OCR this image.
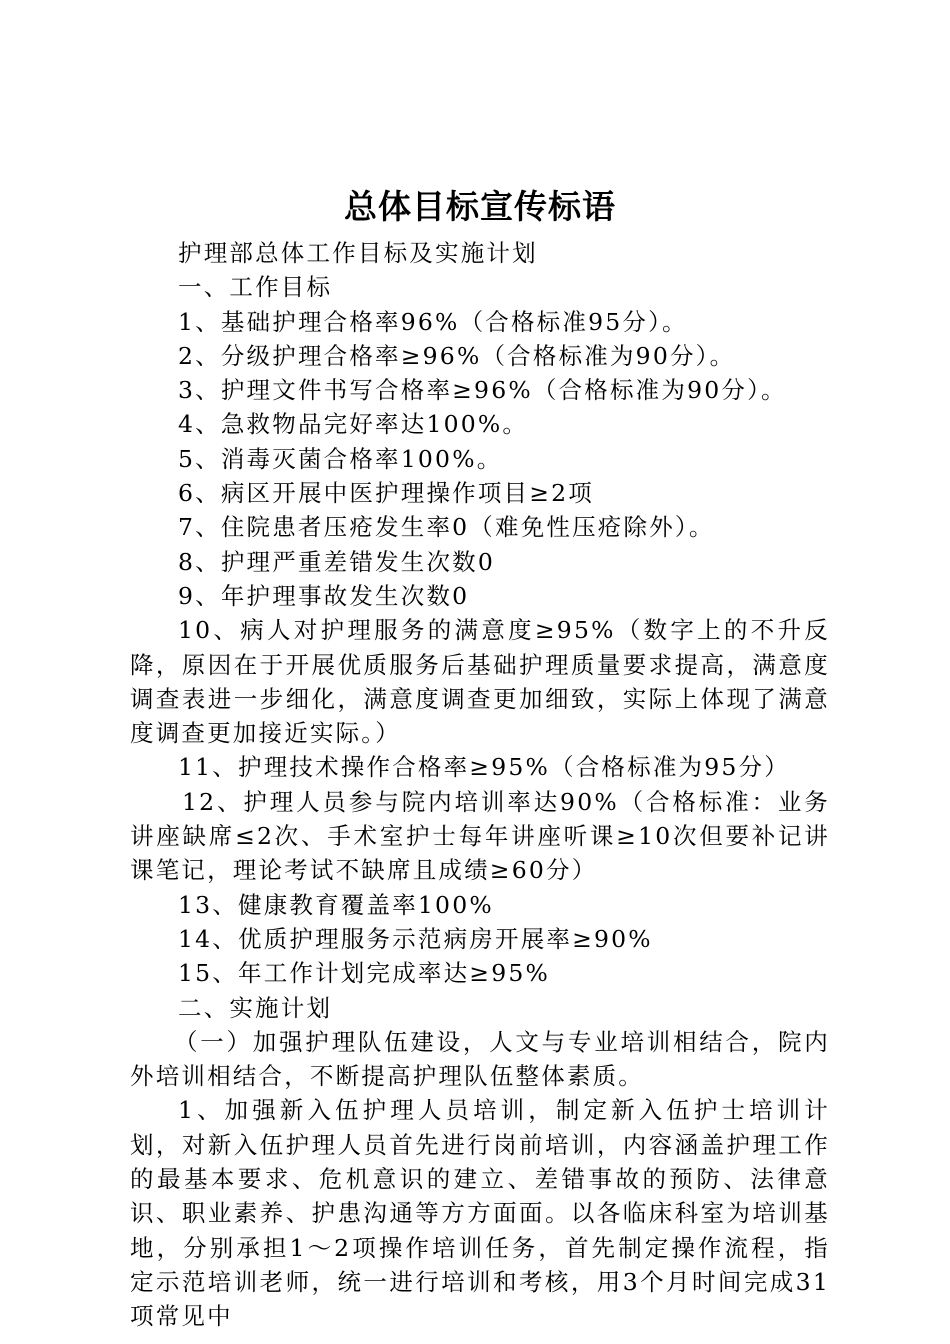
总体目标宣传标语

护理部总体工作目标及实施计划

一、工作目标

1、基础护理合格率96%（合格标准95分）。

2、分级护理合格率≥96%（合格标准为90分）。

3、护理文件书写合格率≥96%（合格标准为90分）。

4、急救物品完好率达100%。

5、消毒灭菌合格率100%。

6、病区开展中医护理操作项目≥2项

7、住院患者压疮发生率0（难免性压疮除外）。

8、护理严重差错发生次数0

9、年护理事故发生次数0

10、病人对护理服务的满意度≥95%（数字上的不升反降，原因在于开展优质服务后基础护理质量要求提高，满意度调查表进一步细化，满意度调查更加细致，实际上体现了满意度调查更加接近实际。）

11、护理技术操作合格率≥95%（合格标准为95分）

12、护理人员参与院内培训率达90%（合格标准：业务讲座缺席≤2次、手术室护士每年讲座听课≥10次但要补记讲课笔记，理论考试不缺席且成绩≥60分）

13、健康教育覆盖率100%

14、优质护理服务示范病房开展率≥90%

15、年工作计划完成率达≥95%

二、实施计划

（一）加强护理队伍建设，人文与专业培训相结合，院内外培训相结合，不断提高护理队伍整体素质。

1、加强新入伍护理人员培训，制定新入伍护士培训计划，对新入伍护理人员首先进行岗前培训，内容涵盖护理工作的最基本要求、危机意识的建立、差错事故的预防、法律意识、职业素养、护患沟通等方方面面。以各临床科室为培训基地，分别承担1～2项操作培训任务，首先制定操作流程，指定示范培训老师，统一进行培训和考核，用3个月时间完成31项常见中
